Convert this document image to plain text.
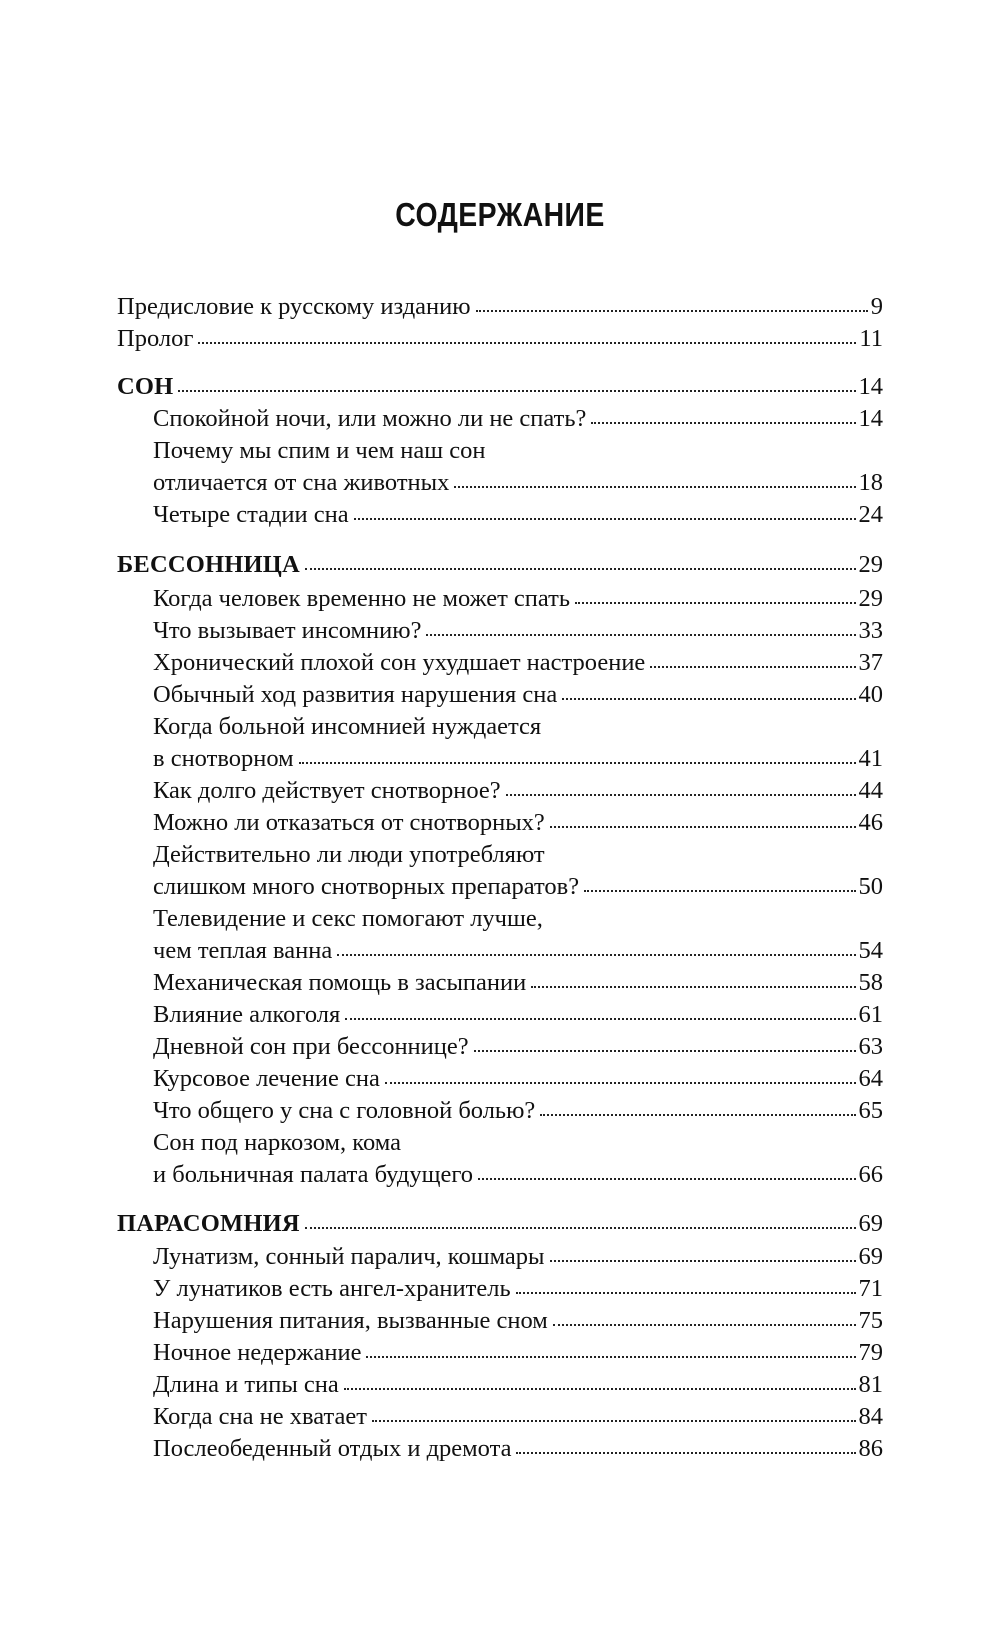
СОДЕРЖАНИЕ
Предисловие к русскому изданию	9
Пролог	11
СОН	14
Спокойной ночи, или можно ли не спать?	14
Почему мы спим и чем наш сон
отличается от сна животных	18
Четыре стадии сна	24
БЕССОННИЦА	29
Когда человек временно не может спать	29
Что вызывает инсомнию?	33
Хронический плохой сон ухудшает настроение	37
Обычный ход развития нарушения сна	40
Когда больной инсомнией нуждается
в снотворном	41
Как долго действует снотворное?	44
Можно ли отказаться от снотворных?	46
Действительно ли люди употребляют
слишком много снотворных препаратов?	50
Телевидение и секс помогают лучше,
чем теплая ванна	54
Механическая помощь в засыпании	58
Влияние алкоголя	61
Дневной сон при бессоннице?	63
Курсовое лечение сна	64
Что общего у сна с головной болью?	65
Сон под наркозом, кома
и больничная палата будущего	66
ПАРАСОМНИЯ	69
Лунатизм, сонный паралич, кошмары	69
У лунатиков есть ангел-хранитель	71
Нарушения питания, вызванные сном	75
Ночное недержание	79
Длина и типы сна	81
Когда сна не хватает	84
Послеобеденный отдых и дремота	86
